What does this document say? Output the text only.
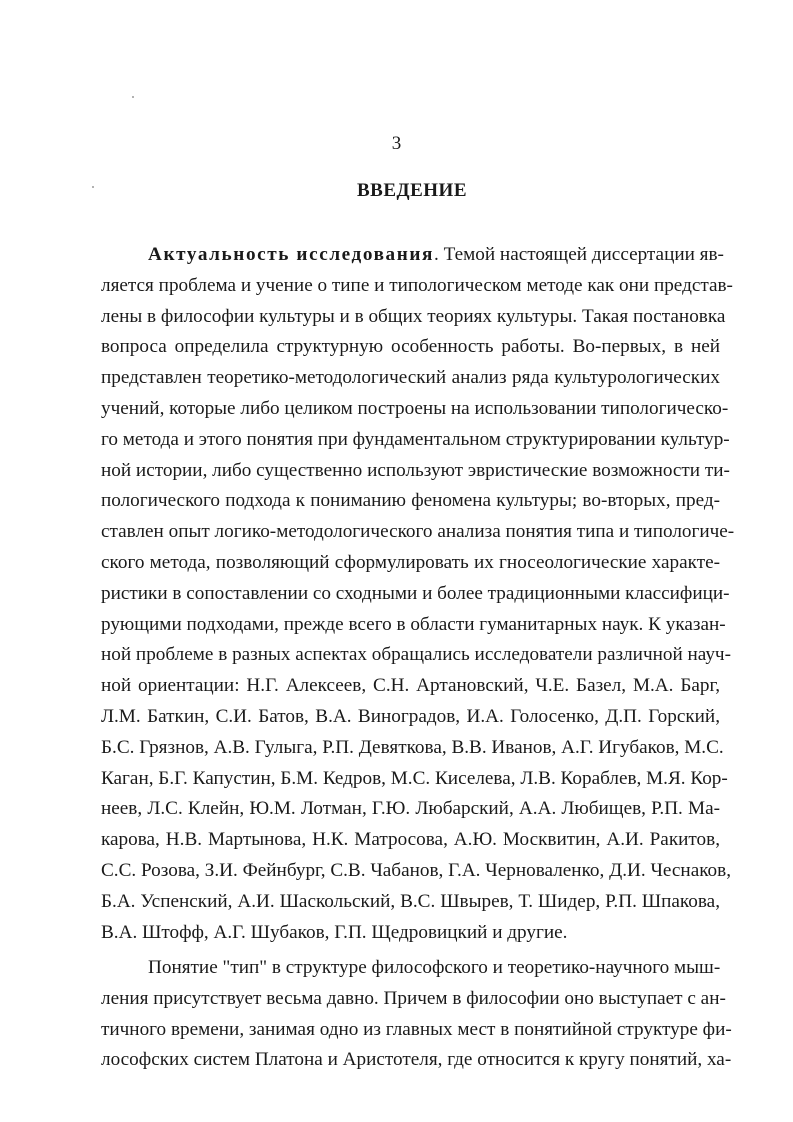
3

ВВЕДЕНИЕ
Актуальность исследования. Темой настоящей диссертации яв-
ляется проблема и учение о типе и типологическом методе как они представ-
лены в философии культуры и в общих теориях культуры. Такая постановка
вопроса определила структурную особенность работы. Во-первых, в ней
представлен теоретико-методологический анализ ряда культурологических
учений, которые либо целиком построены на использовании типологическо-
го метода и этого понятия при фундаментальном структурировании культур-
ной истории, либо существенно используют эвристические возможности ти-
пологического подхода к пониманию феномена культуры; во-вторых, пред-
ставлен опыт логико-методологического анализа понятия типа и типологиче-
ского метода, позволяющий сформулировать их гносеологические характе-
ристики в сопоставлении со сходными и более традиционными классифици-
рующими подходами, прежде всего в области гуманитарных наук. К указан-
ной проблеме в разных аспектах обращались исследователи различной науч-
ной ориентации: Н.Г. Алексеев, С.Н. Артановский, Ч.Е. Базел, М.А. Барг,
Л.М. Баткин, С.И. Батов, В.А. Виноградов, И.А. Голосенко, Д.П. Горский,
Б.С. Грязнов, А.В. Гулыга, Р.П. Девяткова, В.В. Иванов, А.Г. Игубаков, М.С.
Каган, Б.Г. Капустин, Б.М. Кедров, М.С. Киселева, Л.В. Кораблев, М.Я. Кор-
неев, Л.С. Клейн, Ю.М. Лотман, Г.Ю. Любарский, А.А. Любищев, Р.П. Ма-
карова, Н.В. Мартынова, Н.К. Матросова, А.Ю. Москвитин, А.И. Ракитов,
С.С. Розова, З.И. Фейнбург, С.В. Чабанов, Г.А. Черноваленко, Д.И. Чеснаков,
Б.А. Успенский, А.И. Шаскольский, В.С. Швырев, Т. Шидер, Р.П. Шпакова,
В.А. Штофф, А.Г. Шубаков, Г.П. Щедровицкий и другие.
Понятие "тип" в структуре философского и теоретико-научного мыш-
ления присутствует весьма давно. Причем в философии оно выступает с ан-
тичного времени, занимая одно из главных мест в понятийной структуре фи-
лософских систем Платона и Аристотеля, где относится к кругу понятий, ха-
